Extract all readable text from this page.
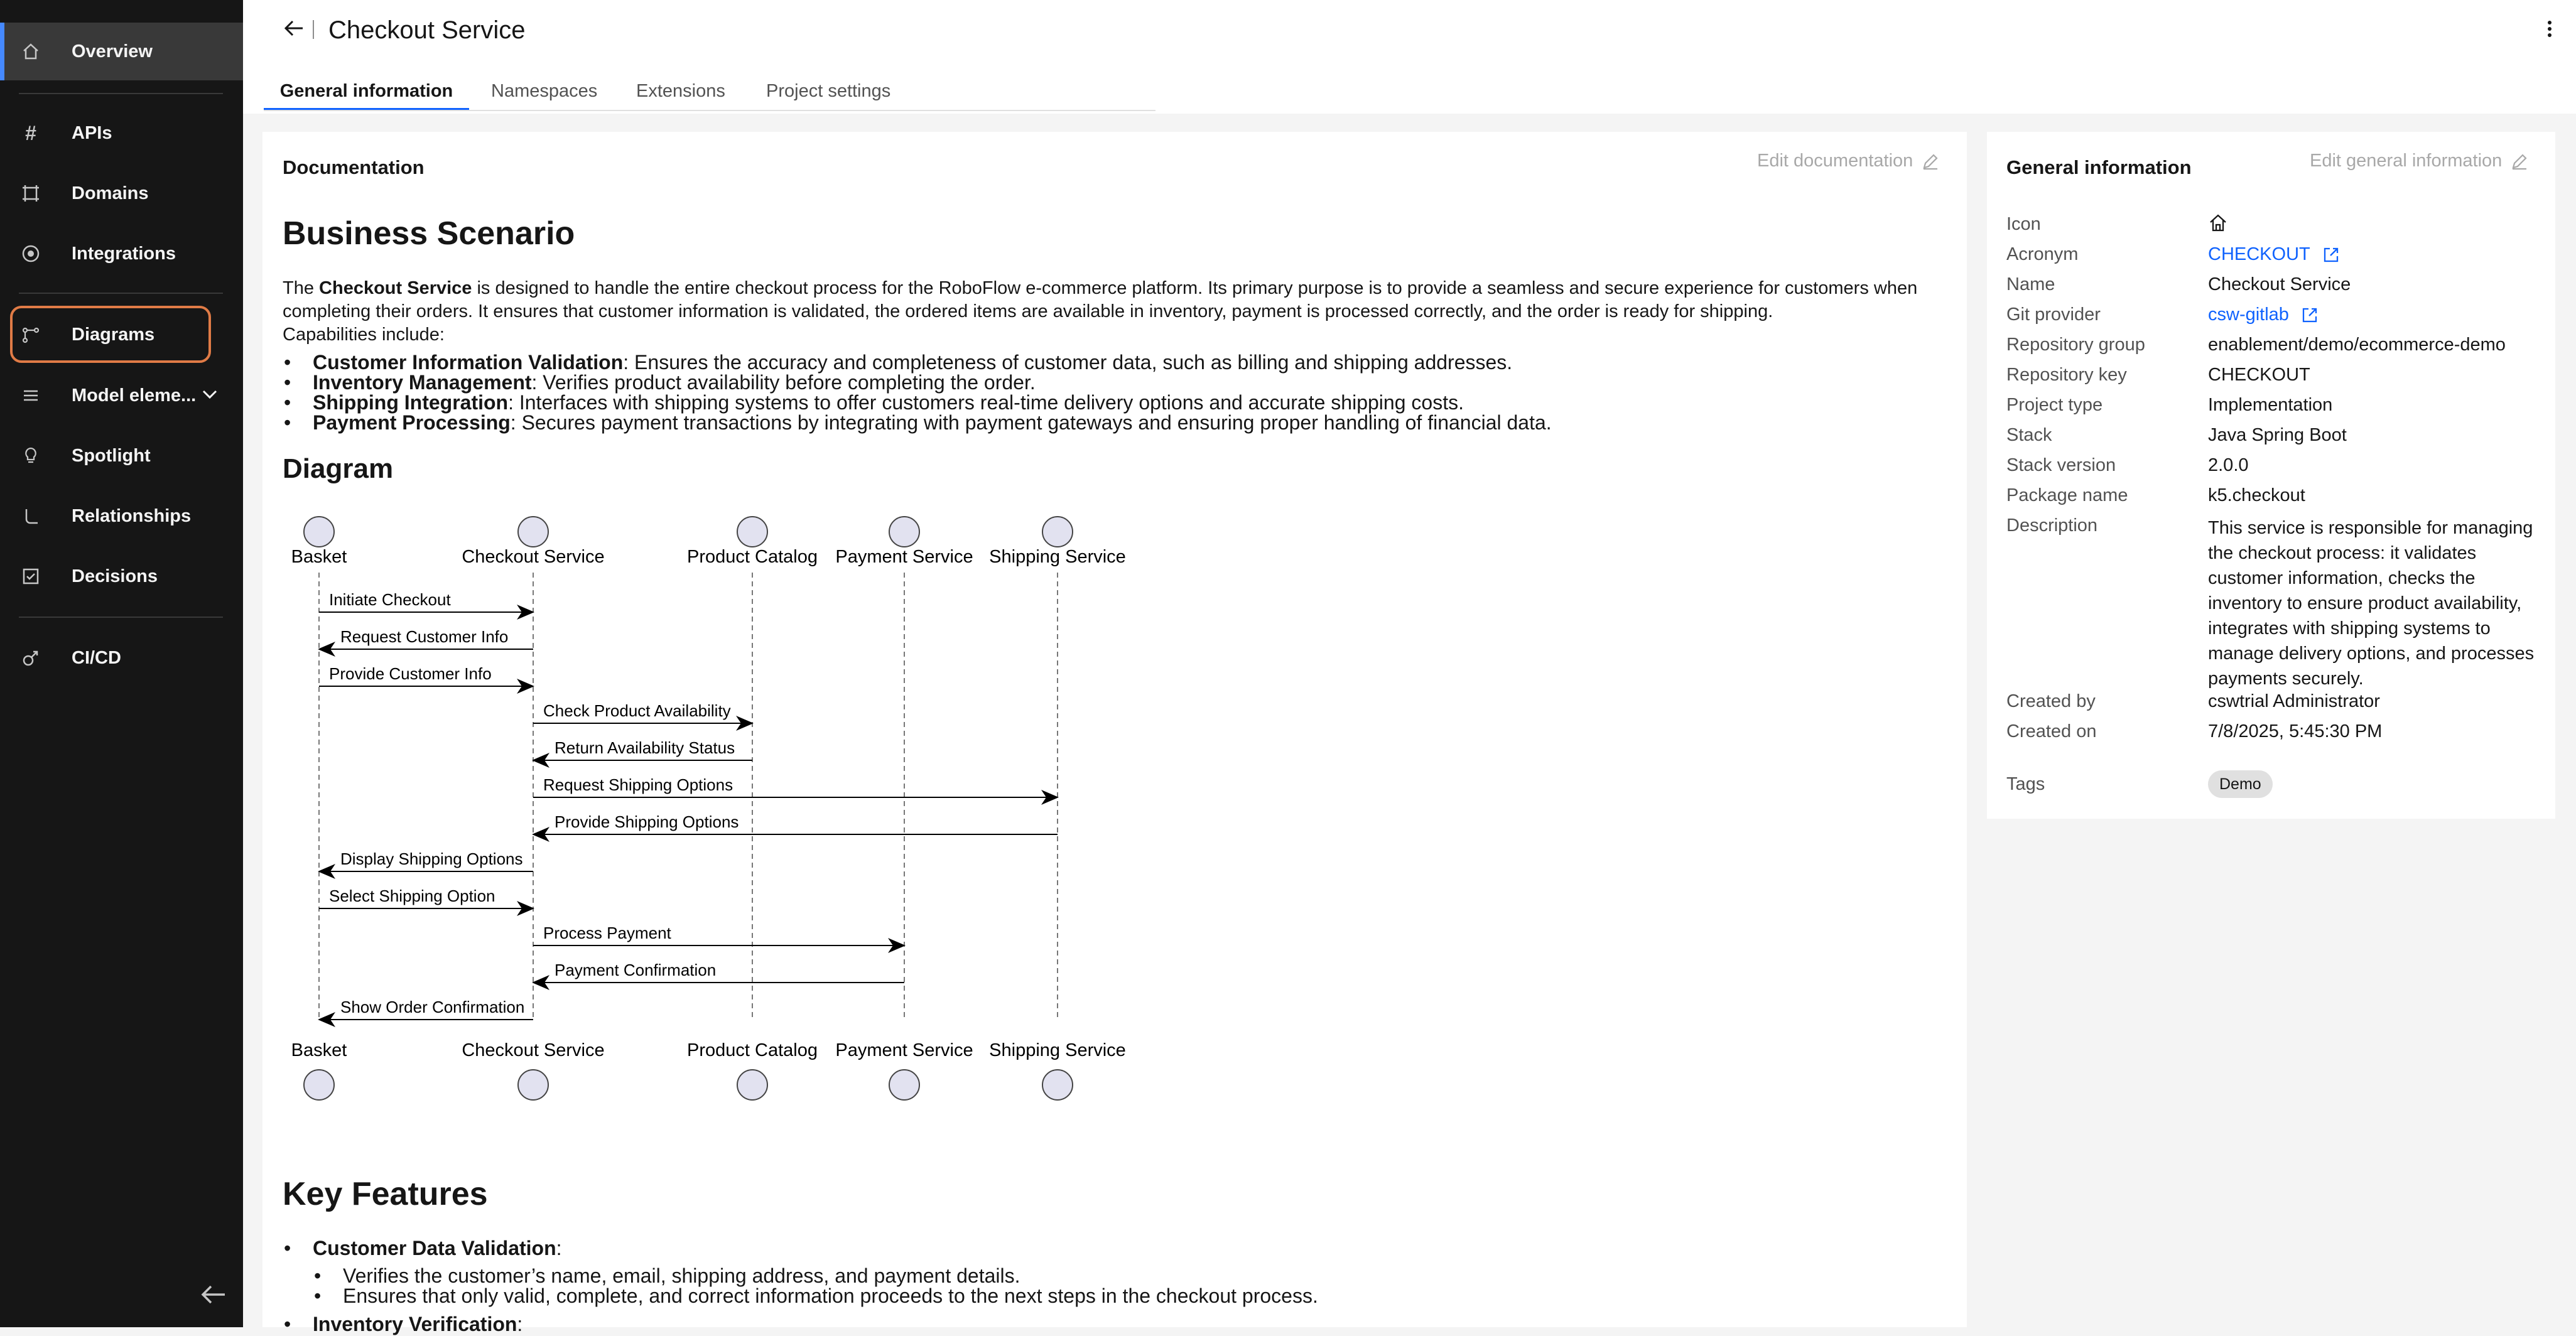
Overview
# APIs
Domains
Integrations
Diagrams
Model eleme...
Spotlight
Relationships
Decisions
CI/CD
Checkout Service
General information Namespaces Extensions Project settings
Documentation	Edit documentation
Business Scenario
The Checkout Service is designed to handle the entire checkout process for the RoboFlow e-commerce platform. Its primary purpose is to provide a seamless and secure experience for customers when
completing their orders. It ensures that customer information is validated, the ordered items are available in inventory, payment is processed correctly, and the order is ready for shipping.
Capabilities include:
• Customer Information Validation: Ensures the accuracy and completeness of customer data, such as billing and shipping addresses.
• Inventory Management: Verifies product availability before completing the order.
• Shipping Integration: Interfaces with shipping systems to offer customers real-time delivery options and accurate shipping costs.
• Payment Processing: Secures payment transactions by integrating with payment gateways and ensuring proper handling of financial data.
Diagram
Basket
Basket
Checkout Service
Checkout Service
Product Catalog
Product Catalog
Payment Service
Payment Service
Shipping Service
Shipping Service
Initiate Checkout
Request Customer Info
Provide Customer Info
Check Product Availability
Return Availability Status
Request Shipping Options
Provide Shipping Options
Display Shipping Options
Select Shipping Option
Process Payment
Payment Confirmation
Show Order Confirmation
Key Features
• Customer Data Validation:
• Verifies the customer’s name, email, shipping address, and payment details.
• Ensures that only valid, complete, and correct information proceeds to the next steps in the checkout process.
• Inventory Verification:
General information	Edit general information
Icon
Acronym	CHECKOUT
Name	Checkout Service
Git provider	csw-gitlab
Repository group	enablement/demo/ecommerce-demo
Repository key	CHECKOUT
Project type	Implementation
Stack	Java Spring Boot
Stack version	2.0.0
Package name	k5.checkout
Description	This service is responsible for managing
the checkout process: it validates
customer information, checks the
inventory to ensure product availability,
integrates with shipping systems to
manage delivery options, and processes
payments securely.
Created by	cswtrial Administrator
Created on	7/8/2025, 5:45:30 PM
Tags	Demo
